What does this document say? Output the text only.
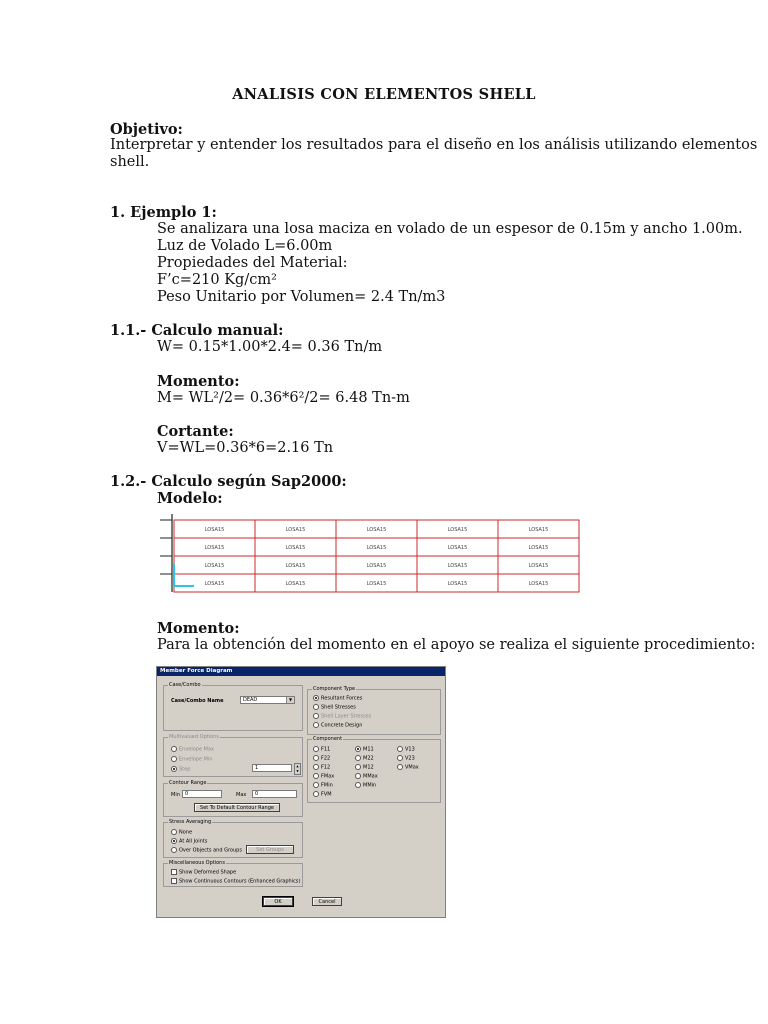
ANALISIS CON ELEMENTOS SHELL
Objetivo:
Interpretar y entender los resultados para el diseño en los análisis utilizando elementos
shell.
1. Ejemplo 1:
Se analizara una losa maciza en volado de un espesor de 0.15m y ancho 1.00m.
Luz de Volado L=6.00m
Propiedades del Material:
F’c=210 Kg/cm²
Peso Unitario por Volumen= 2.4 Tn/m3
1.1.- Calculo manual:
W= 0.15*1.00*2.4= 0.36 Tn/m
Momento:
M= WL²/2= 0.36*6²/2= 6.48 Tn-m
Cortante:
V=WL=0.36*6=2.16 Tn
1.2.- Calculo según Sap2000:
Modelo:
LOSA15	LOSA15	LOSA15	LOSA15	LOSA15
LOSA15	LOSA15	LOSA15	LOSA15	LOSA15
LOSA15	LOSA15	LOSA15	LOSA15	LOSA15
LOSA15	LOSA15	LOSA15	LOSA15	LOSA15
Momento:
Para la obtención del momento en el apoyo se realiza el siguiente procedimiento:
Member Force Diagram
Case/Combo
Case/Combo Name	DEAD	▼
Multivalued Options
Envelope Max
Envelope Min
Step	1	▲
▼
Contour Range
Min	0	Max	0
Set To Default Contour Range
Stress Averaging
None
At All Joints
Over Objects and Groups	Set Groups
Miscellaneous Options
Show Deformed Shape
Show Continuous Contours (Enhanced Graphics)
Component Type
Resultant Forces
Shell Stresses
Shell Layer Stresses
Concrete Design
Component
F11
F22
F12
FMax
FMin
FVM
M11
M22
M12
MMax
MMin
V13
V23
VMax
OK	Cancel
